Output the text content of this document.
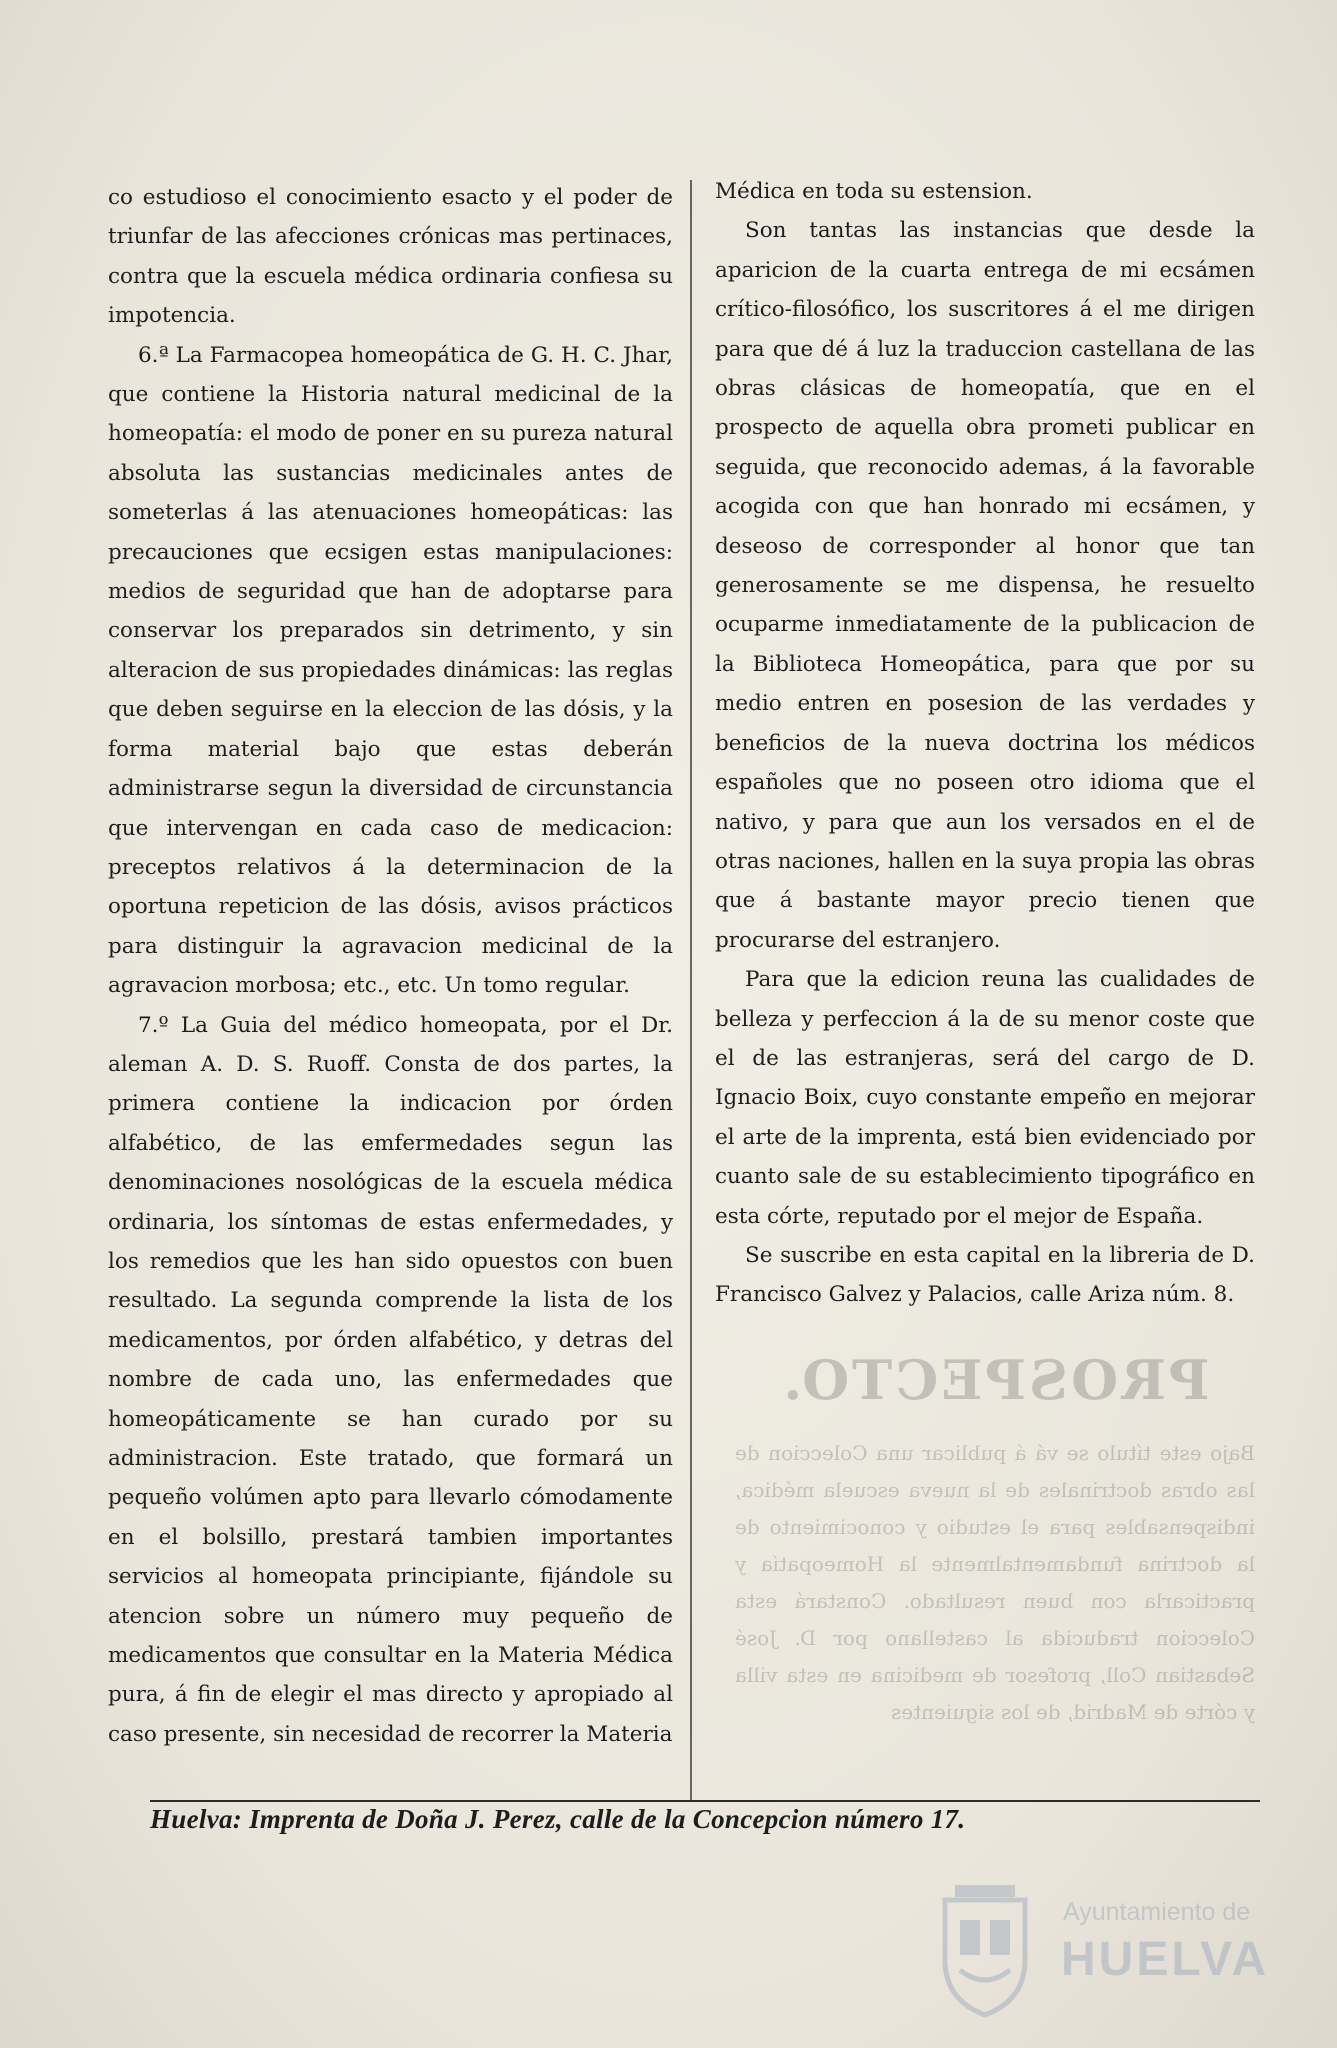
PROSPECTO.
Bajo este título se vá á publicar una Coleccion de las obras doctrinales de la nueva escuela médica, indispensables para el estudio y conocimiento de la doctrina fundamentalmente la Homeopatía y practicarla con buen resultado. Constará esta Coleccion traducida al castellano por D. José Sebastian Coll, profesor de medicina en esta villa y córte de Madrid, de los siguientes

co estudioso el conocimiento esacto y el poder de triunfar de las afecciones crónicas mas pertinaces, contra que la escuela médica ordinaria confiesa su impotencia.

6.ª La Farmacopea homeopática de G. H. C. Jhar, que contiene la Historia natural medicinal de la homeopatía: el modo de poner en su pureza natural absoluta las sustancias medicinales antes de someterlas á las atenuaciones homeopáticas: las precauciones que ecsigen estas manipulaciones: medios de seguridad que han de adoptarse para conservar los preparados sin detrimento, y sin alteracion de sus propiedades dinámicas: las reglas que deben seguirse en la eleccion de las dósis, y la forma material bajo que estas deberán administrarse segun la diversidad de circunstancia que intervengan en cada caso de medicacion: preceptos relativos á la determinacion de la oportuna repeticion de las dósis, avisos prácticos para distinguir la agravacion medicinal de la agravacion morbosa; etc., etc. Un tomo regular.

7.º La Guia del médico homeopata, por el Dr. aleman A. D. S. Ruoff. Consta de dos partes, la primera contiene la indicacion por órden alfabético, de las emfermedades segun las denominaciones nosológicas de la escuela médica ordinaria, los síntomas de estas enfermedades, y los remedios que les han sido opuestos con buen resultado. La segunda comprende la lista de los medicamentos, por órden alfabético, y detras del nombre de cada uno, las enfermedades que homeopáticamente se han curado por su administracion. Este tratado, que formará un pequeño volúmen apto para llevarlo cómodamente en el bolsillo, prestará tambien importantes servicios al homeopata principiante, fijándole su atencion sobre un número muy pequeño de medicamentos que consultar en la Materia Médica pura, á fin de elegir el mas directo y apropiado al caso presente, sin necesidad de recorrer la Materia

Médica en toda su estension.

Son tantas las instancias que desde la aparicion de la cuarta entrega de mi ecsámen crítico-filosófico, los suscritores á el me dirigen para que dé á luz la traduccion castellana de las obras clásicas de homeopatía, que en el prospecto de aquella obra prometi publicar en seguida, que reconocido ademas, á la favorable acogida con que han honrado mi ecsámen, y deseoso de corresponder al honor que tan generosamente se me dispensa, he resuelto ocuparme inmediatamente de la publicacion de la Biblioteca Homeopática, para que por su medio entren en posesion de las verdades y beneficios de la nueva doctrina los médicos españoles que no poseen otro idioma que el nativo, y para que aun los versados en el de otras naciones, hallen en la suya propia las obras que á bastante mayor precio tienen que procurarse del estranjero.

Para que la edicion reuna las cualidades de belleza y perfeccion á la de su menor coste que el de las estranjeras, será del cargo de D. Ignacio Boix, cuyo constante empeño en mejorar el arte de la imprenta, está bien evidenciado por cuanto sale de su establecimiento tipográfico en esta córte, reputado por el mejor de España.

Se suscribe en esta capital en la libreria de D. Francisco Galvez y Palacios, calle Ariza núm. 8.

Huelva: Imprenta de Doña J. Perez, calle de la Concepcion número 17.
Ayuntamiento de
HUELVA
